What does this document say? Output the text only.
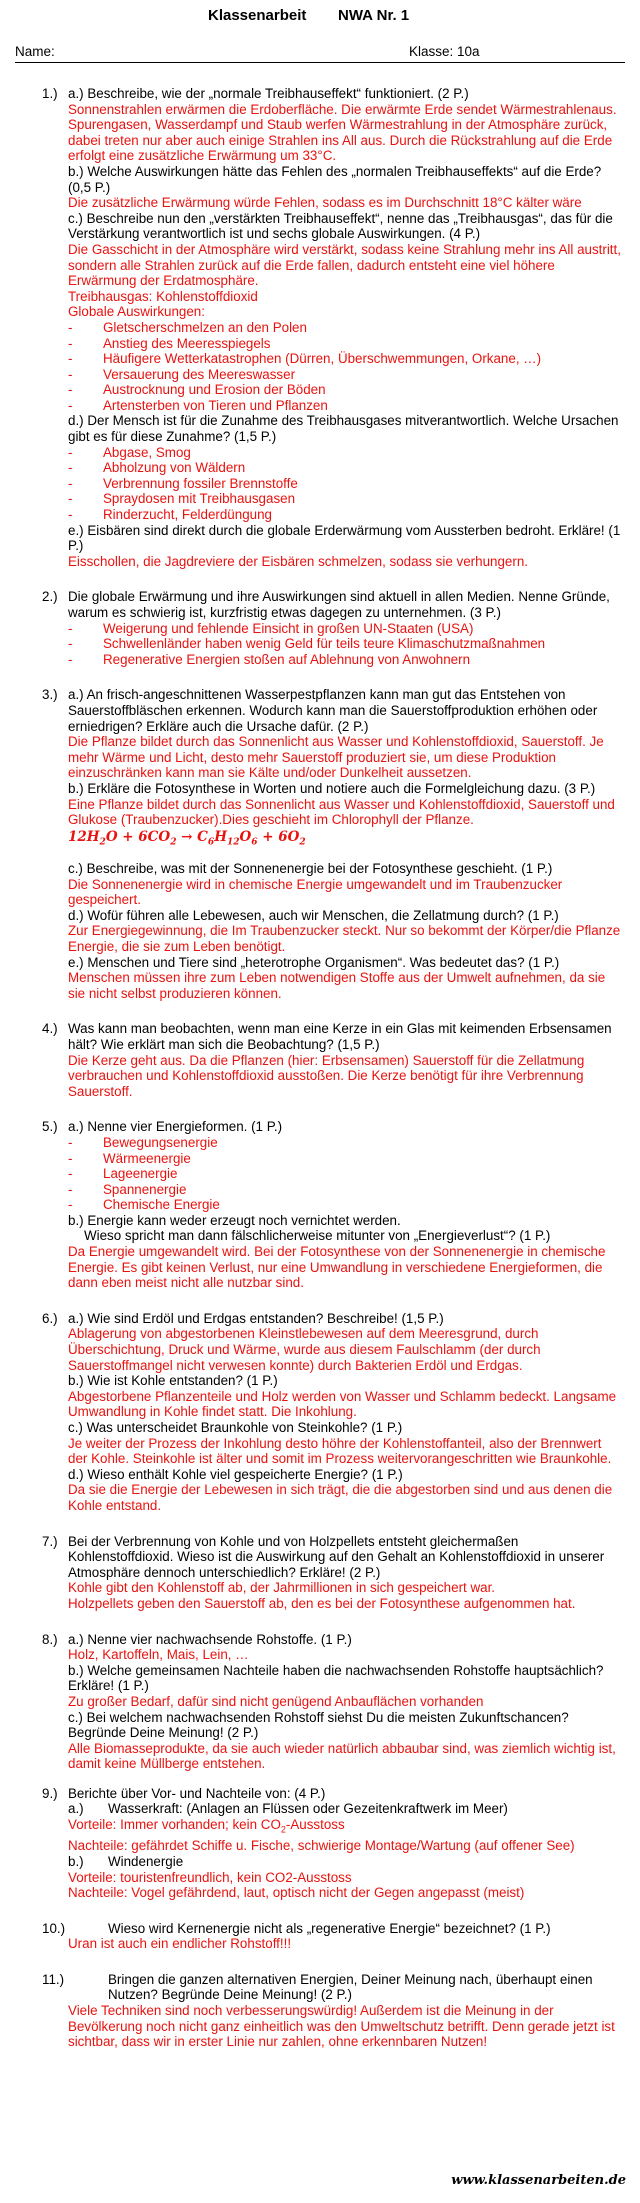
Klassenarbeit NWA Nr. 1
Name:	Klasse: 10a
1.) a.) Beschreibe, wie der „normale Treibhauseffekt“ funktioniert. (2 P.)
Sonnenstrahlen erwärmen die Erdoberfläche. Die erwärmte Erde sendet Wärmestrahlenaus. Spurengasen, Wasserdampf und Staub werfen Wärmestrahlung in der Atmosphäre zurück, dabei treten nur aber auch einige Strahlen ins All aus. Durch die Rückstrahlung auf die Erde erfolgt eine zusätzliche Erwärmung um 33°C.
b.) Welche Auswirkungen hätte das Fehlen des „normalen Treibhauseffekts“ auf die Erde? (0,5 P.)
Die zusätzliche Erwärmung würde Fehlen, sodass es im Durchschnitt 18°C kälter wäre
c.) Beschreibe nun den „verstärkten Treibhauseffekt“, nenne das „Treibhausgas“, das für die Verstärkung verantwortlich ist und sechs globale Auswirkungen. (4 P.)
Die Gasschicht in der Atmosphäre wird verstärkt, sodass keine Strahlung mehr ins All austritt, sondern alle Strahlen zurück auf die Erde fallen, dadurch entsteht eine viel höhere Erwärmung der Erdatmosphäre.
Treibhausgas: Kohlenstoffdioxid
Globale Auswirkungen:
- Gletscherschmelzen an den Polen
- Anstieg des Meeresspiegels
- Häufigere Wetterkatastrophen (Dürren, Überschwemmungen, Orkane, …)
- Versauerung des Meereswasser
- Austrocknung und Erosion der Böden
- Artensterben von Tieren und Pflanzen
d.) Der Mensch ist für die Zunahme des Treibhausgases mitverantwortlich. Welche Ursachen gibt es für diese Zunahme? (1,5 P.)
- Abgase, Smog
- Abholzung von Wäldern
- Verbrennung fossiler Brennstoffe
- Spraydosen mit Treibhausgasen
- Rinderzucht, Felderdüngung
e.) Eisbären sind direkt durch die globale Erderwärmung vom Aussterben bedroht. Erkläre! (1 P.)
Eisschollen, die Jagdreviere der Eisbären schmelzen, sodass sie verhungern.
2.) Die globale Erwärmung und ihre Auswirkungen sind aktuell in allen Medien. Nenne Gründe, warum es schwierig ist, kurzfristig etwas dagegen zu unternehmen. (3 P.)
- Weigerung und fehlende Einsicht in großen UN-Staaten (USA)
- Schwellenländer haben wenig Geld für teils teure Klimaschutzmaßnahmen
- Regenerative Energien stoßen auf Ablehnung von Anwohnern
3.) a.) An frisch-angeschnittenen Wasserpestpflanzen kann man gut das Entstehen von Sauerstoffbläschen erkennen. Wodurch kann man die Sauerstoffproduktion erhöhen oder erniedrigen? Erkläre auch die Ursache dafür. (2 P.)
Die Pflanze bildet durch das Sonnenlicht aus Wasser und Kohlenstoffdioxid, Sauerstoff. Je mehr Wärme und Licht, desto mehr Sauerstoff produziert sie, um diese Produktion einzuschränken kann man sie Kälte und/oder Dunkelheit aussetzen.
b.) Erkläre die Fotosynthese in Worten und notiere auch die Formelgleichung dazu. (3 P.)
Eine Pflanze bildet durch das Sonnenlicht aus Wasser und Kohlenstoffdioxid, Sauerstoff und Glukose (Traubenzucker).Dies geschieht im Chlorophyll der Pflanze.
$12H_2O + 6CO_2 \to C_6H_{12}O_6 + 6O_2$
c.) Beschreibe, was mit der Sonnenenergie bei der Fotosynthese geschieht. (1 P.)
Die Sonnenenergie wird in chemische Energie umgewandelt und im Traubenzucker gespeichert.
d.) Wofür führen alle Lebewesen, auch wir Menschen, die Zellatmung durch? (1 P.)
Zur Energiegewinnung, die Im Traubenzucker steckt. Nur so bekommt der Körper/die Pflanze Energie, die sie zum Leben benötigt.
e.) Menschen und Tiere sind „heterotrophe Organismen“. Was bedeutet das? (1 P.)
Menschen müssen ihre zum Leben notwendigen Stoffe aus der Umwelt aufnehmen, da sie sie nicht selbst produzieren können.
4.) Was kann man beobachten, wenn man eine Kerze in ein Glas mit keimenden Erbsensamen hält? Wie erklärt man sich die Beobachtung? (1,5 P.)
Die Kerze geht aus. Da die Pflanzen (hier: Erbsensamen) Sauerstoff für die Zellatmung verbrauchen und Kohlenstoffdioxid ausstoßen. Die Kerze benötigt für ihre Verbrennung Sauerstoff.
5.) a.) Nenne vier Energieformen. (1 P.)
- Bewegungsenergie
- Wärmeenergie
- Lageenergie
- Spannenergie
- Chemische Energie
b.) Energie kann weder erzeugt noch vernichtet werden.
Wieso spricht man dann fälschlicherweise mitunter von „Energieverlust“? (1 P.)
Da Energie umgewandelt wird. Bei der Fotosynthese von der Sonnenenergie in chemische Energie. Es gibt keinen Verlust, nur eine Umwandlung in verschiedene Energieformen, die dann eben meist nicht alle nutzbar sind.
6.) a.) Wie sind Erdöl und Erdgas entstanden? Beschreibe! (1,5 P.)
Ablagerung von abgestorbenen Kleinstlebewesen auf dem Meeresgrund, durch Überschichtung, Druck und Wärme, wurde aus diesem Faulschlamm (der durch Sauerstoffmangel nicht verwesen konnte) durch Bakterien Erdöl und Erdgas.
b.) Wie ist Kohle entstanden? (1 P.)
Abgestorbene Pflanzenteile und Holz werden von Wasser und Schlamm bedeckt. Langsame Umwandlung in Kohle findet statt. Die Inkohlung.
c.) Was unterscheidet Braunkohle von Steinkohle? (1 P.)
Je weiter der Prozess der Inkohlung desto höhre der Kohlenstoffanteil, also der Brennwert der Kohle. Steinkohle ist älter und somit im Prozess weitervorangeschritten wie Braunkohle.
d.) Wieso enthält Kohle viel gespeicherte Energie? (1 P.)
Da sie die Energie der Lebewesen in sich trägt, die die abgestorben sind und aus denen die Kohle entstand.
7.) Bei der Verbrennung von Kohle und von Holzpellets entsteht gleichermaßen Kohlenstoffdioxid. Wieso ist die Auswirkung auf den Gehalt an Kohlenstoffdioxid in unserer Atmosphäre dennoch unterschiedlich? Erkläre! (2 P.)
Kohle gibt den Kohlenstoff ab, der Jahrmillionen in sich gespeichert war.
Holzpellets geben den Sauerstoff ab, den es bei der Fotosynthese aufgenommen hat.
8.) a.) Nenne vier nachwachsende Rohstoffe. (1 P.)
Holz, Kartoffeln, Mais, Lein, …
b.) Welche gemeinsamen Nachteile haben die nachwachsenden Rohstoffe hauptsächlich? Erkläre! (1 P.)
Zu großer Bedarf, dafür sind nicht genügend Anbauflächen vorhanden
c.) Bei welchem nachwachsenden Rohstoff siehst Du die meisten Zukunftschancen? Begründe Deine Meinung! (2 P.)
Alle Biomasseprodukte, da sie auch wieder natürlich abbaubar sind, was ziemlich wichtig ist, damit keine Müllberge entstehen.
9.) Berichte über Vor- und Nachteile von: (4 P.)
a.) Wasserkraft: (Anlagen an Flüssen oder Gezeitenkraftwerk im Meer)
Vorteile: Immer vorhanden; kein $CO_2$-Ausstoss
Nachteile: gefährdet Schiffe u. Fische, schwierige Montage/Wartung (auf offener See)
b.) Windenergie
Vorteile: touristenfreundlich, kein CO2-Ausstoss
Nachteile: Vogel gefährdend, laut, optisch nicht der Gegen angepasst (meist)
10.)	Wieso wird Kernenergie nicht als „regenerative Energie“ bezeichnet? (1 P.)
Uran ist auch ein endlicher Rohstoff!!!
11.)	Bringen die ganzen alternativen Energien, Deiner Meinung nach, überhaupt einen Nutzen? Begründe Deine Meinung! (2 P.)
Viele Techniken sind noch verbesserungswürdig! Außerdem ist die Meinung in der Bevölkerung noch nicht ganz einheitlich was den Umweltschutz betrifft. Denn gerade jetzt ist sichtbar, dass wir in erster Linie nur zahlen, ohne erkennbaren Nutzen!
www.klassenarbeiten.de
